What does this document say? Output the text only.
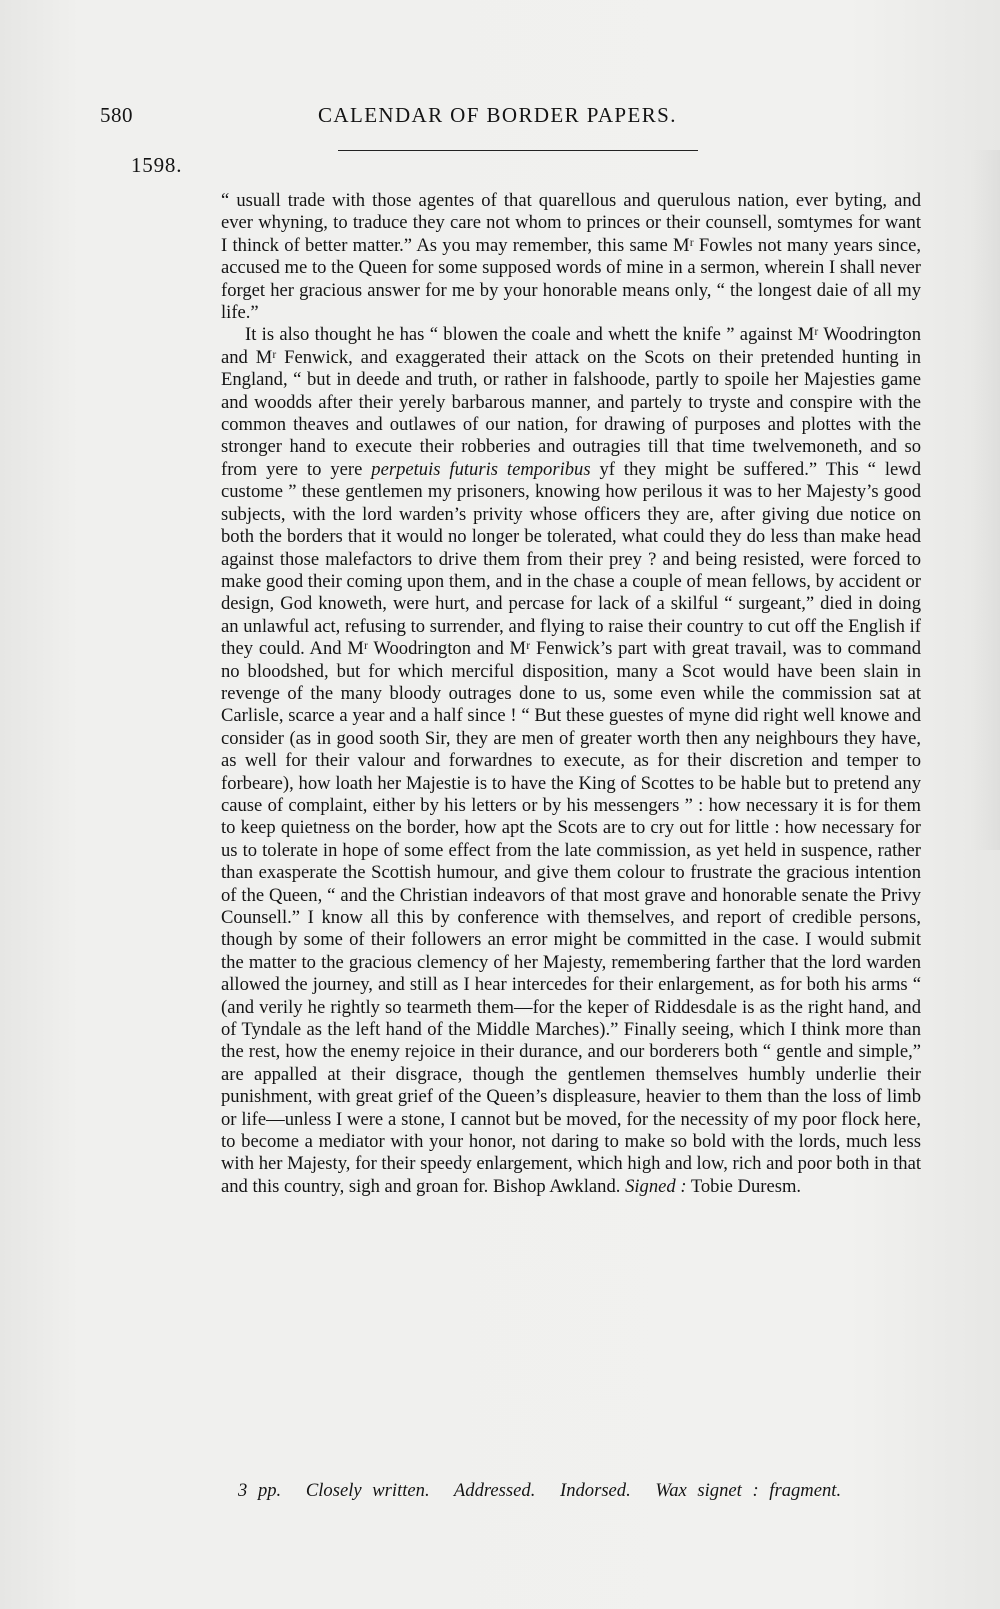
580	CALENDAR OF BORDER PAPERS.
1598.

“ usuall trade with those agentes of that quarellous and querulous nation, ever byting, and ever whyning, to traduce they care not whom to princes or their counsell, somtymes for want I thinck of better matter.” As you may remember, this same Mʳ Fowles not many years since, accused me to the Queen for some supposed words of mine in a sermon, wherein I shall never forget her gracious answer for me by your honorable means only, “ the longest daie of all my life.”

It is also thought he has “ blowen the coale and whett the knife ” against Mʳ Woodrington and Mʳ Fenwick, and exaggerated their attack on the Scots on their pretended hunting in England, “ but in deede and truth, or rather in falshoode, partly to spoile her Majesties game and woodds after their yerely barbarous manner, and partely to tryste and conspire with the common theaves and outlawes of our nation, for drawing of purposes and plottes with the stronger hand to execute their robberies and outragies till that time twelvemoneth, and so from yere to yere perpetuis futuris temporibus yf they might be suffered.” This “ lewd custome ” these gentlemen my prisoners, knowing how perilous it was to her Majesty’s good subjects, with the lord warden’s privity whose officers they are, after giving due notice on both the borders that it would no longer be tolerated, what could they do less than make head against those malefactors to drive them from their prey ? and being resisted, were forced to make good their coming upon them, and in the chase a couple of mean fellows, by accident or design, God knoweth, were hurt, and percase for lack of a skilful “ surgeant,” died in doing an unlawful act, refusing to surrender, and flying to raise their country to cut off the English if they could. And Mʳ Woodrington and Mʳ Fenwick’s part with great travail, was to command no bloodshed, but for which merciful disposition, many a Scot would have been slain in revenge of the many bloody outrages done to us, some even while the commission sat at Carlisle, scarce a year and a half since ! “ But these guestes of myne did right well knowe and consider (as in good sooth Sir, they are men of greater worth then any neighbours they have, as well for their valour and forwardnes to execute, as for their discretion and temper to forbeare), how loath her Majestie is to have the King of Scottes to be hable but to pretend any cause of complaint, either by his letters or by his messengers ” : how necessary it is for them to keep quietness on the border, how apt the Scots are to cry out for little : how necessary for us to tolerate in hope of some effect from the late commission, as yet held in suspence, rather than exasperate the Scottish humour, and give them colour to frustrate the gracious intention of the Queen, “ and the Christian indeavors of that most grave and honorable senate the Privy Counsell.” I know all this by conference with themselves, and report of credible persons, though by some of their followers an error might be committed in the case. I would submit the matter to the gracious clemency of her Majesty, remembering farther that the lord warden allowed the journey, and still as I hear intercedes for their enlargement, as for both his arms “ (and verily he rightly so tearmeth them—for the keper of Riddesdale is as the right hand, and of Tyndale as the left hand of the Middle Marches).” Finally seeing, which I think more than the rest, how the enemy rejoice in their durance, and our borderers both “ gentle and simple,” are appalled at their disgrace, though the gentlemen themselves humbly underlie their punishment, with great grief of the Queen’s displeasure, heavier to them than the loss of limb or life—unless I were a stone, I cannot but be moved, for the necessity of my poor flock here, to become a mediator with your honor, not daring to make so bold with the lords, much less with her Majesty, for their speedy enlargement, which high and low, rich and poor both in that and this country, sigh and groan for. Bishop Awkland. Signed : Tobie Duresm.

3 pp. Closely written. Addressed. Indorsed. Wax signet : fragment.
